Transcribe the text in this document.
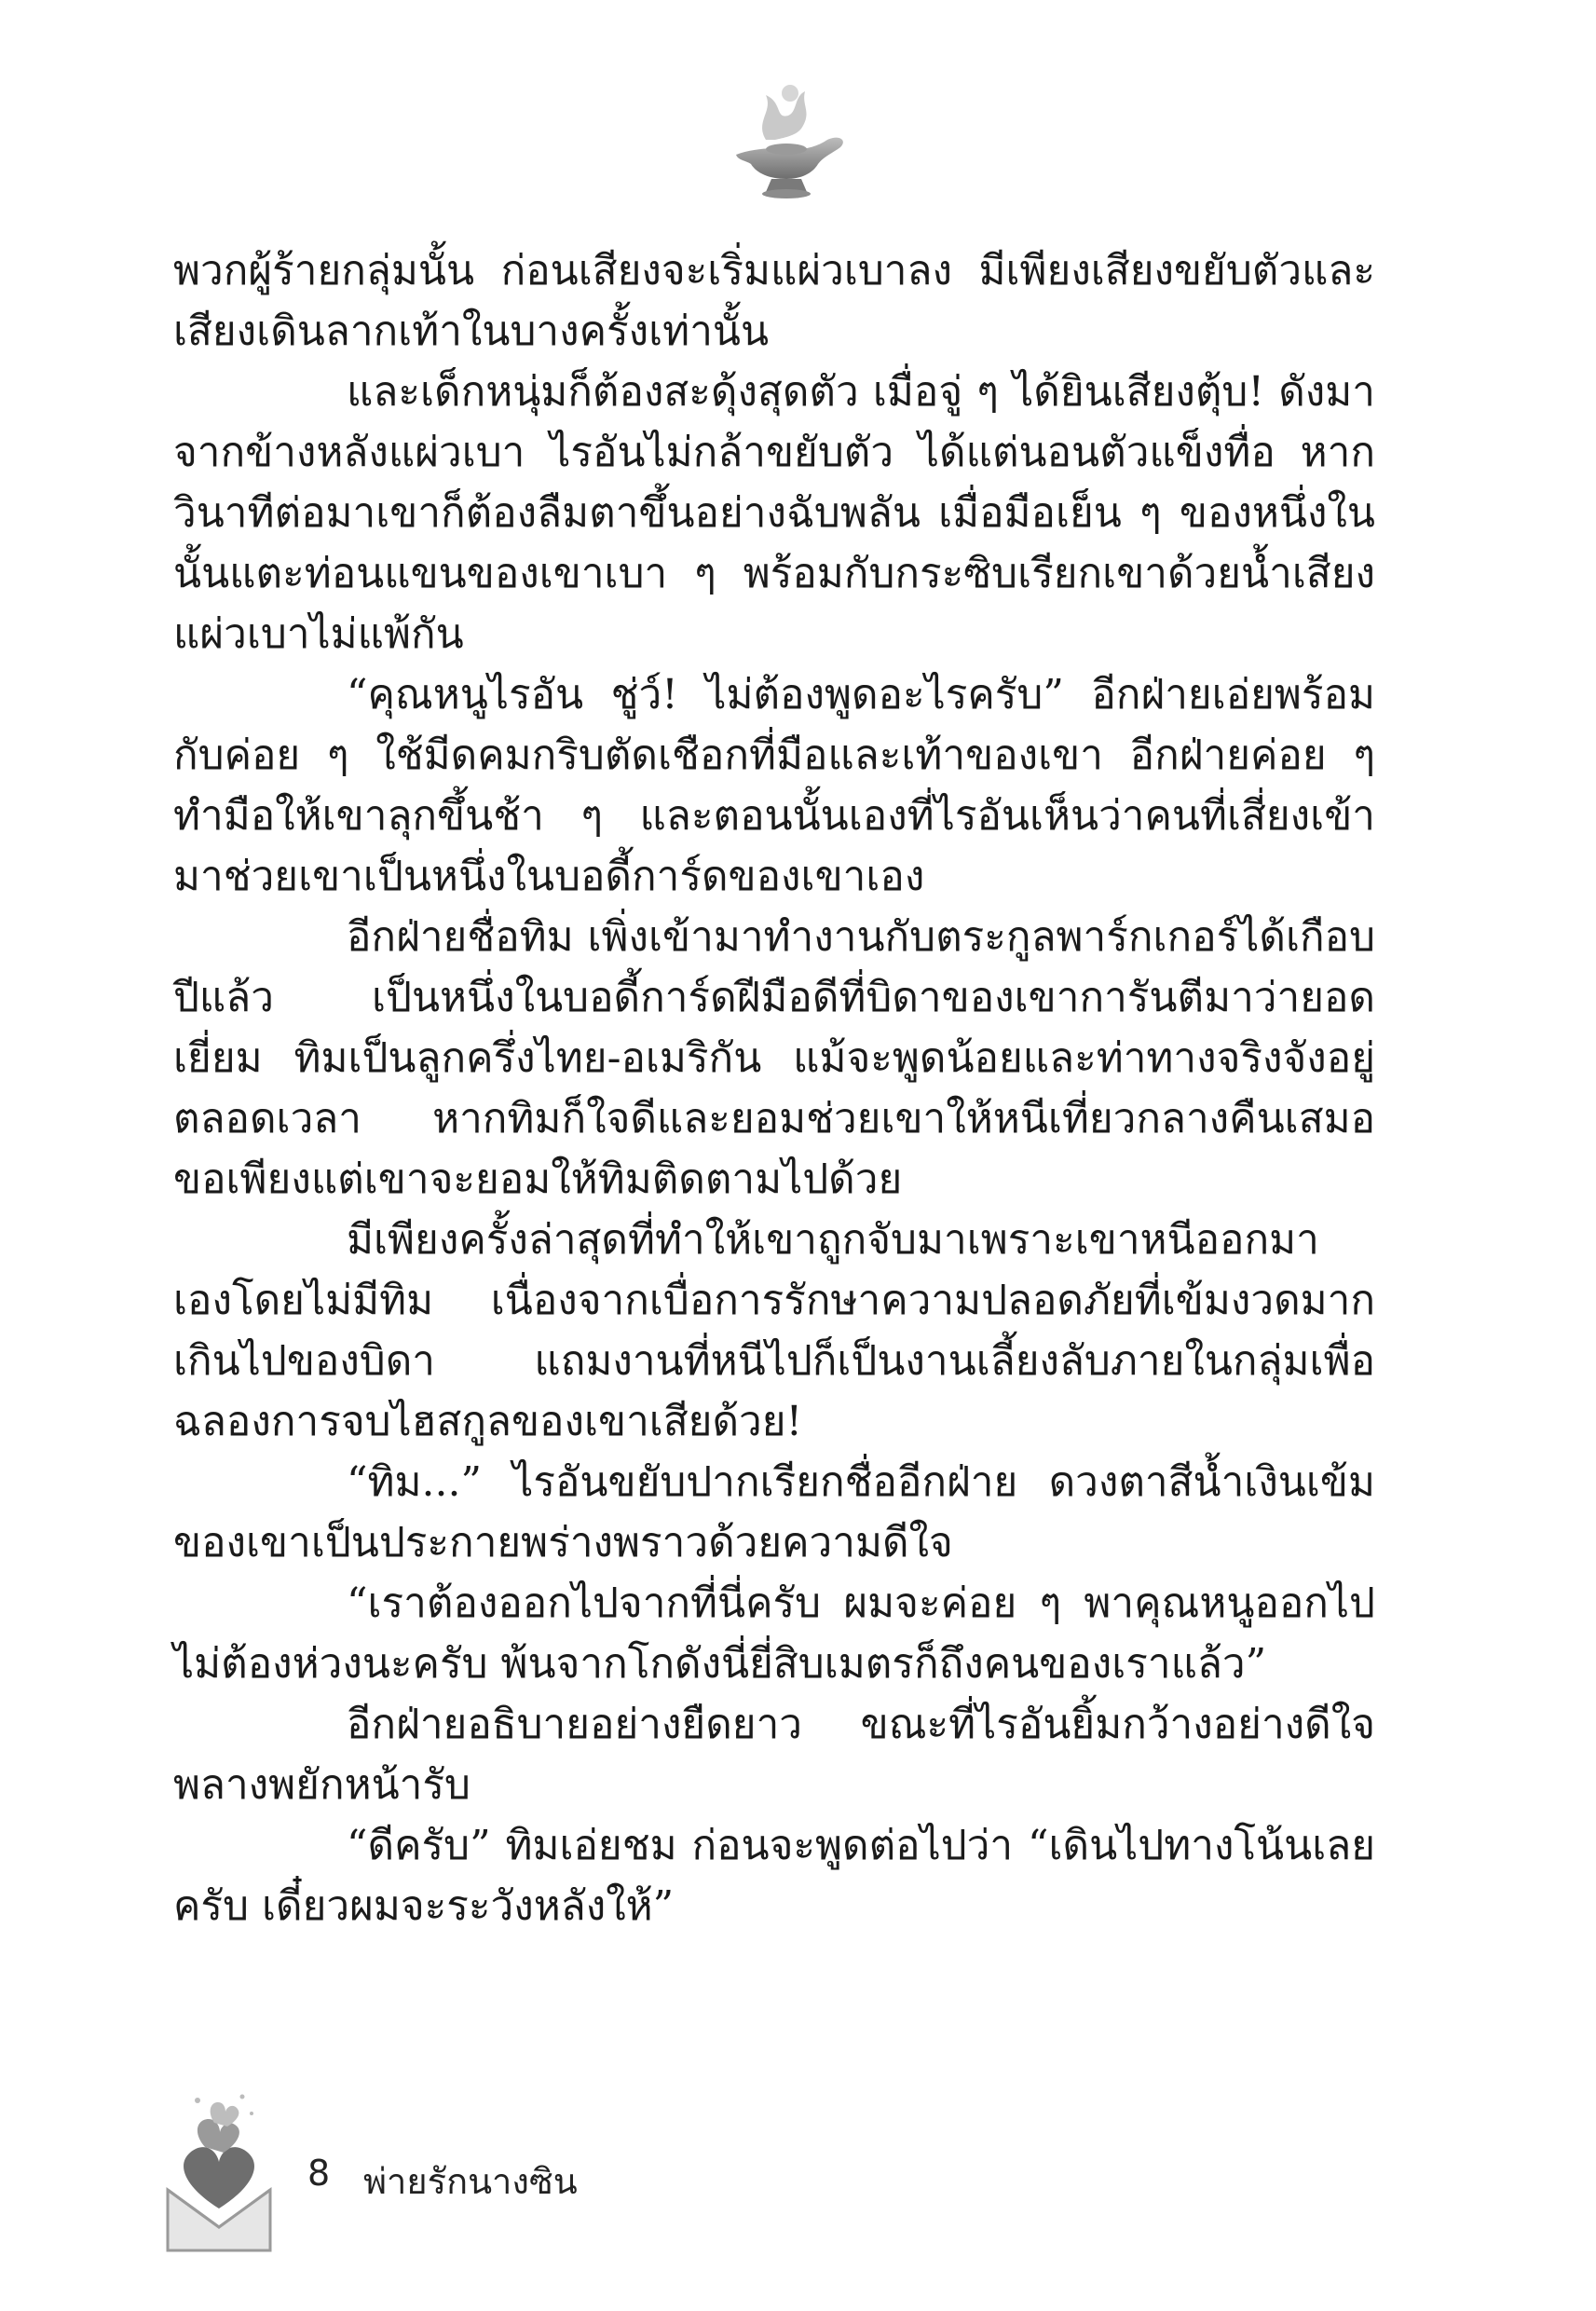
พวกผู้ร้ายกลุ่มนั้น ก่อนเสียงจะเริ่มแผ่วเบาลง มีเพียงเสียงขยับตัวและเสียงเดินลากเท้าในบางครั้งเท่านั้น

และเด็กหนุ่มก็ต้องสะดุ้งสุดตัว เมื่อจู่ ๆ ได้ยินเสียงตุ้บ! ดังมาจากข้างหลังแผ่วเบา ไรอันไม่กล้าขยับตัว ได้แต่นอนตัวแข็งทื่อ หากวินาทีต่อมาเขาก็ต้องลืมตาขึ้นอย่างฉับพลัน เมื่อมือเย็น ๆ ของหนึ่งในนั้นแตะท่อนแขนของเขาเบา ๆ พร้อมกับกระซิบเรียกเขาด้วยน้ำเสียงแผ่วเบาไม่แพ้กัน

“คุณหนูไรอัน ชู่ว์! ไม่ต้องพูดอะไรครับ” อีกฝ่ายเอ่ยพร้อมกับค่อย ๆ ใช้มีดคมกริบตัดเชือกที่มือและเท้าของเขา อีกฝ่ายค่อย ๆ ทำมือให้เขาลุกขึ้นช้า ๆ และตอนนั้นเองที่ไรอันเห็นว่าคนที่เสี่ยงเข้ามาช่วยเขาเป็นหนึ่งในบอดี้การ์ดของเขาเอง

อีกฝ่ายชื่อทิม เพิ่งเข้ามาทำงานกับตระกูลพาร์กเกอร์ได้เกือบปีแล้ว เป็นหนึ่งในบอดี้การ์ดฝีมือดีที่บิดาของเขาการันตีมาว่ายอดเยี่ยม ทิมเป็นลูกครึ่งไทย-อเมริกัน แม้จะพูดน้อยและท่าทางจริงจังอยู่ตลอดเวลา หากทิมก็ใจดีและยอมช่วยเขาให้หนีเที่ยวกลางคืนเสมอ ขอเพียงแต่เขาจะยอมให้ทิมติดตามไปด้วย

มีเพียงครั้งล่าสุดที่ทำให้เขาถูกจับมาเพราะเขาหนีออกมาเองโดยไม่มีทิม เนื่องจากเบื่อการรักษาความปลอดภัยที่เข้มงวดมากเกินไปของบิดา แถมงานที่หนีไปก็เป็นงานเลี้ยงลับภายในกลุ่มเพื่อฉลองการจบไฮสกูลของเขาเสียด้วย!

“ทิม...” ไรอันขยับปากเรียกชื่ออีกฝ่าย ดวงตาสีน้ำเงินเข้มของเขาเป็นประกายพร่างพราวด้วยความดีใจ

“เราต้องออกไปจากที่นี่ครับ ผมจะค่อย ๆ พาคุณหนูออกไป ไม่ต้องห่วงนะครับ พ้นจากโกดังนี่ยี่สิบเมตรก็ถึงคนของเราแล้ว”

อีกฝ่ายอธิบายอย่างยืดยาว ขณะที่ไรอันยิ้มกว้างอย่างดีใจพลางพยักหน้ารับ

“ดีครับ” ทิมเอ่ยชม ก่อนจะพูดต่อไปว่า “เดินไปทางโน้นเลยครับ เดี๋ยวผมจะระวังหลังให้”

8 พ่ายรักนางซิน
